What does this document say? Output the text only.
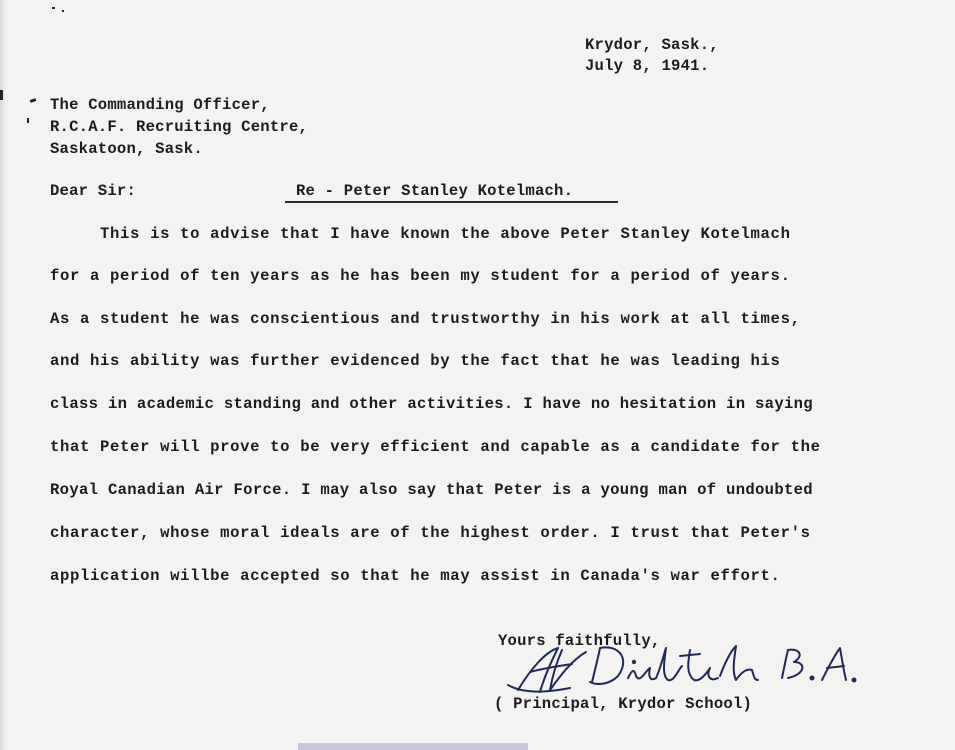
Krydor, Sask.,
July 8, 1941.
The Commanding Officer,
R.C.A.F. Recruiting Centre,
Saskatoon, Sask.
Dear Sir:	Re - Peter Stanley Kotelmach.
This is to advise that I have known the above Peter Stanley Kotelmach
for a period of ten years as he has been my student for a period of years.
As a student he was conscientious and trustworthy in his work at all times,
and his ability was further evidenced by the fact that he was leading his
class in academic standing and other activities. I have no hesitation in saying
that Peter will prove to be very efficient and capable as a candidate for the
Royal Canadian Air Force. I may also say that Peter is a young man of undoubted
character, whose moral ideals are of the highest order. I trust that Peter's
application willbe accepted so that he may assist in Canada's war effort.
Yours faithfully,
( Principal, Krydor School)
